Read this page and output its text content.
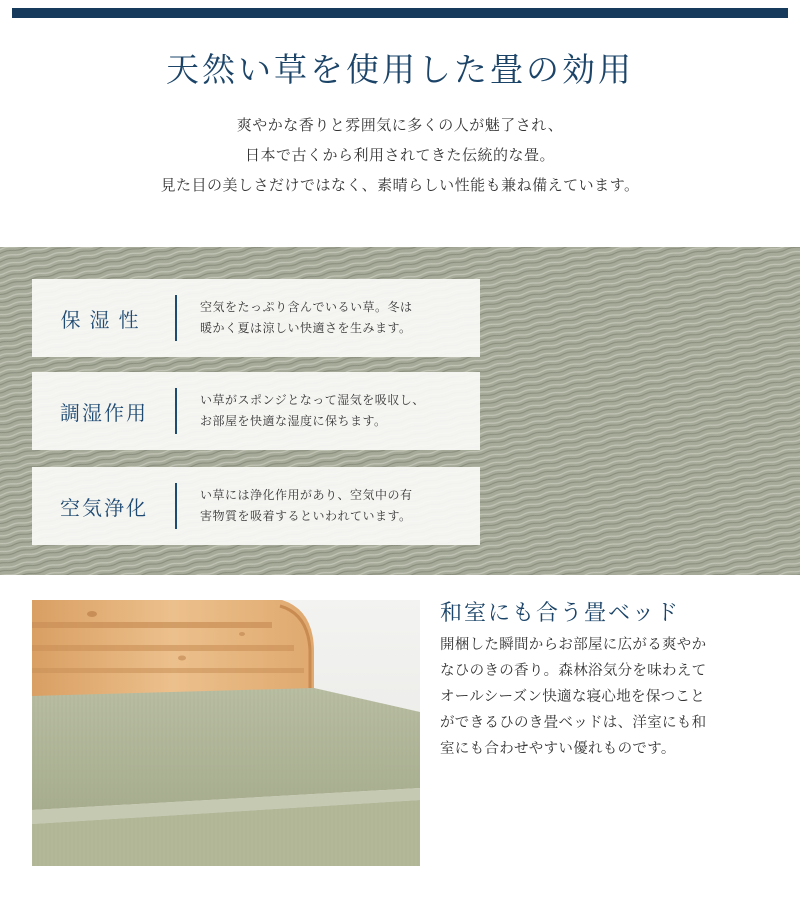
天然い草を使用した畳の効用

爽やかな香りと雰囲気に多くの人が魅了され、

日本で古くから利用されてきた伝統的な畳。

見た目の美しさだけではなく、素晴らしい性能も兼ね備えています。

保湿性
空気をたっぷり含んでいるい草。冬は
暖かく夏は涼しい快適さを生みます。
調湿作用
い草がスポンジとなって湿気を吸収し、
お部屋を快適な湿度に保ちます。
空気浄化
い草には浄化作用があり、空気中の有
害物質を吸着するといわれています。
和室にも合う畳ベッド

開梱した瞬間からお部屋に広がる爽やか

なひのきの香り。森林浴気分を味わえて

オールシーズン快適な寝心地を保つこと

ができるひのき畳ベッドは、洋室にも和

室にも合わせやすい優れものです。
